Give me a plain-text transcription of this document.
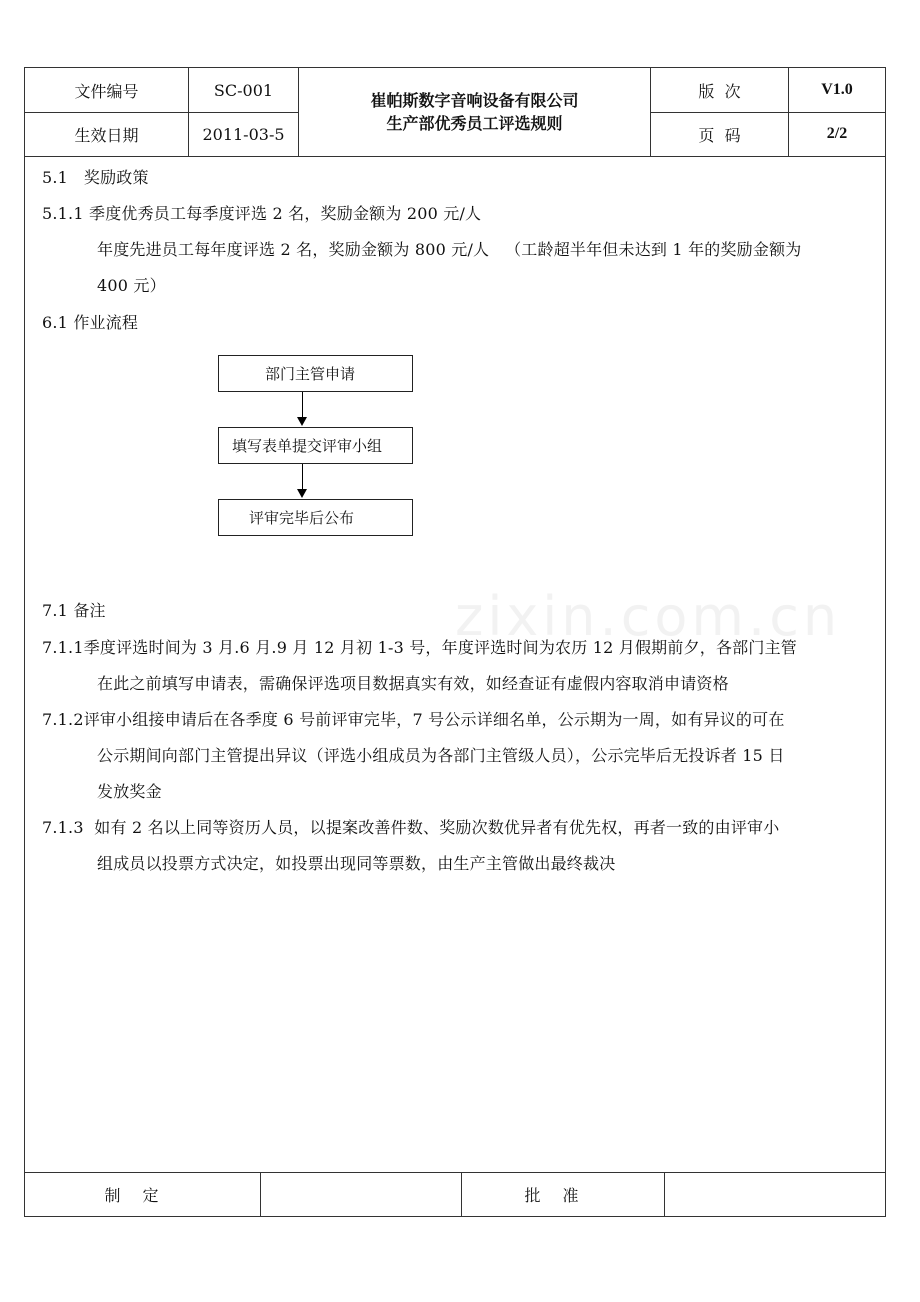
文件编号	SC-001
生效日期	2011-03-5
崔帕斯数字音响设备有限公司
生产部优秀员工评选规则
版  次	V1.0
页  码	2/2
5.1   奖励政策
5.1.1 季度优秀员工每季度评选 2 名，奖励金额为 200 元/人
年度先进员工每年度评选 2 名，奖励金额为 800 元/人   （工龄超半年但未达到 1 年的奖励金额为
400 元）
6.1 作业流程
部门主管申请
填写表单提交评审小组
评审完毕后公布
7.1 备注
7.1.1季度评选时间为 3 月.6 月.9 月 12 月初 1-3 号，年度评选时间为农历 12 月假期前夕，各部门主管
在此之前填写申请表，需确保评选项目数据真实有效，如经查证有虚假内容取消申请资格
7.1.2评审小组接申请后在各季度 6 号前评审完毕，7 号公示详细名单，公示期为一周，如有异议的可在
公示期间向部门主管提出异议（评选小组成员为各部门主管级人员），公示完毕后无投诉者 15 日
发放奖金
7.1.3  如有 2 名以上同等资历人员，以提案改善件数、奖励次数优异者有优先权，再者一致的由评审小
组成员以投票方式决定，如投票出现同等票数，由生产主管做出最终裁决
zixin.com.cn
制定	批准
